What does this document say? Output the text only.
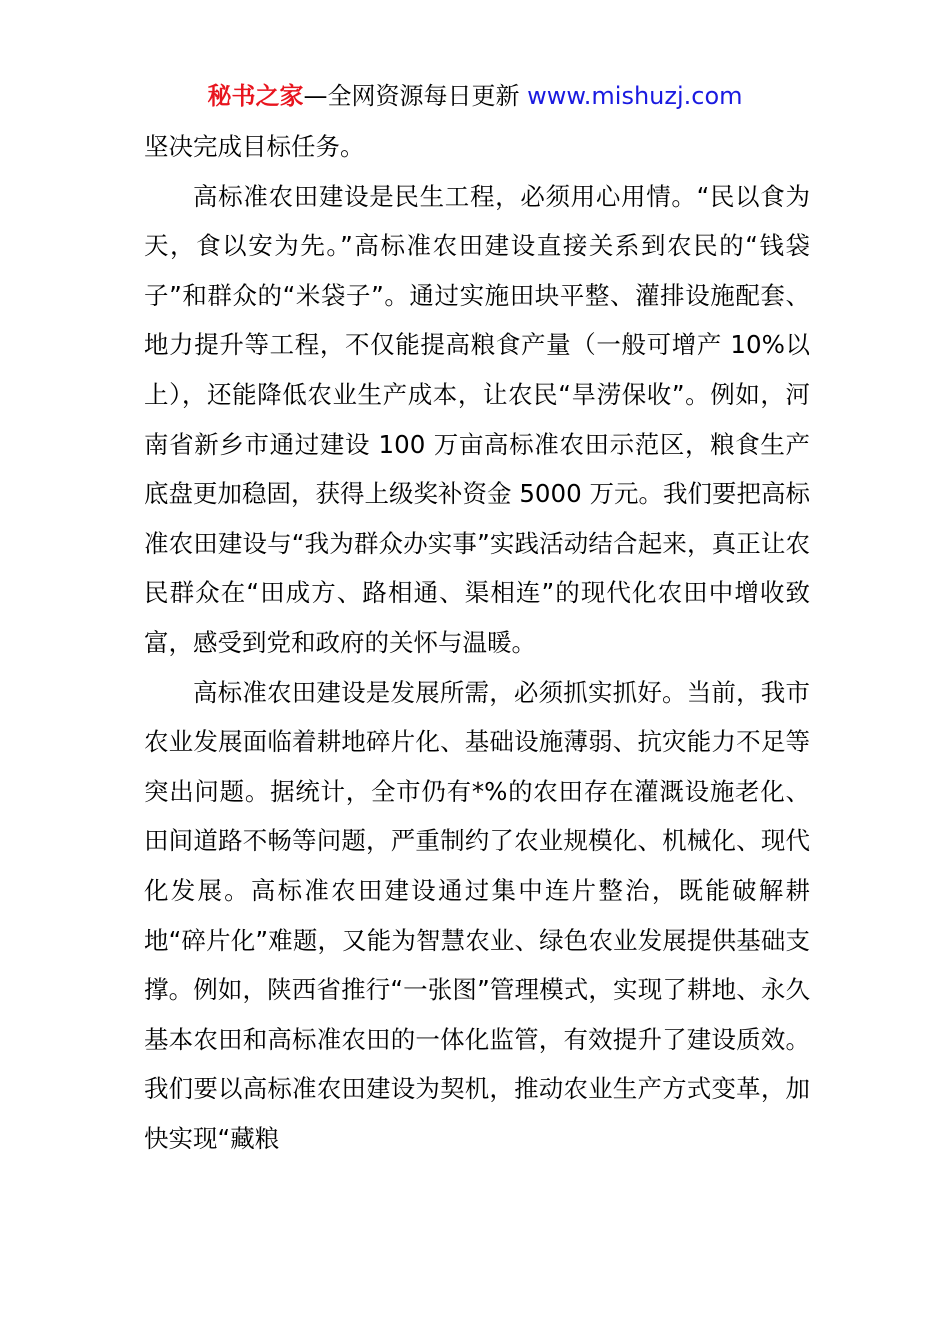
秘书之家—全网资源每日更新 www.mishuzj.com

坚决完成目标任务。

高标准农田建设是民生工程，必须用心用情。“民以食为天，食以安为先。”高标准农田建设直接关系到农民的“钱袋子”和群众的“米袋子”。通过实施田块平整、灌排设施配套、地力提升等工程，不仅能提高粮食产量（一般可增产 10%以上），还能降低农业生产成本，让农民“旱涝保收”。例如，河南省新乡市通过建设 100 万亩高标准农田示范区，粮食生产底盘更加稳固，获得上级奖补资金 5000 万元。我们要把高标准农田建设与“我为群众办实事”实践活动结合起来，真正让农民群众在“田成方、路相通、渠相连”的现代化农田中增收致富，感受到党和政府的关怀与温暖。

高标准农田建设是发展所需，必须抓实抓好。当前，我市农业发展面临着耕地碎片化、基础设施薄弱、抗灾能力不足等突出问题。据统计，全市仍有*%的农田存在灌溉设施老化、田间道路不畅等问题，严重制约了农业规模化、机械化、现代化发展。高标准农田建设通过集中连片整治，既能破解耕地“碎片化”难题，又能为智慧农业、绿色农业发展提供基础支撑。例如，陕西省推行“一张图”管理模式，实现了耕地、永久基本农田和高标准农田的一体化监管，有效提升了建设质效。我们要以高标准农田建设为契机，推动农业生产方式变革，加快实现“藏粮
